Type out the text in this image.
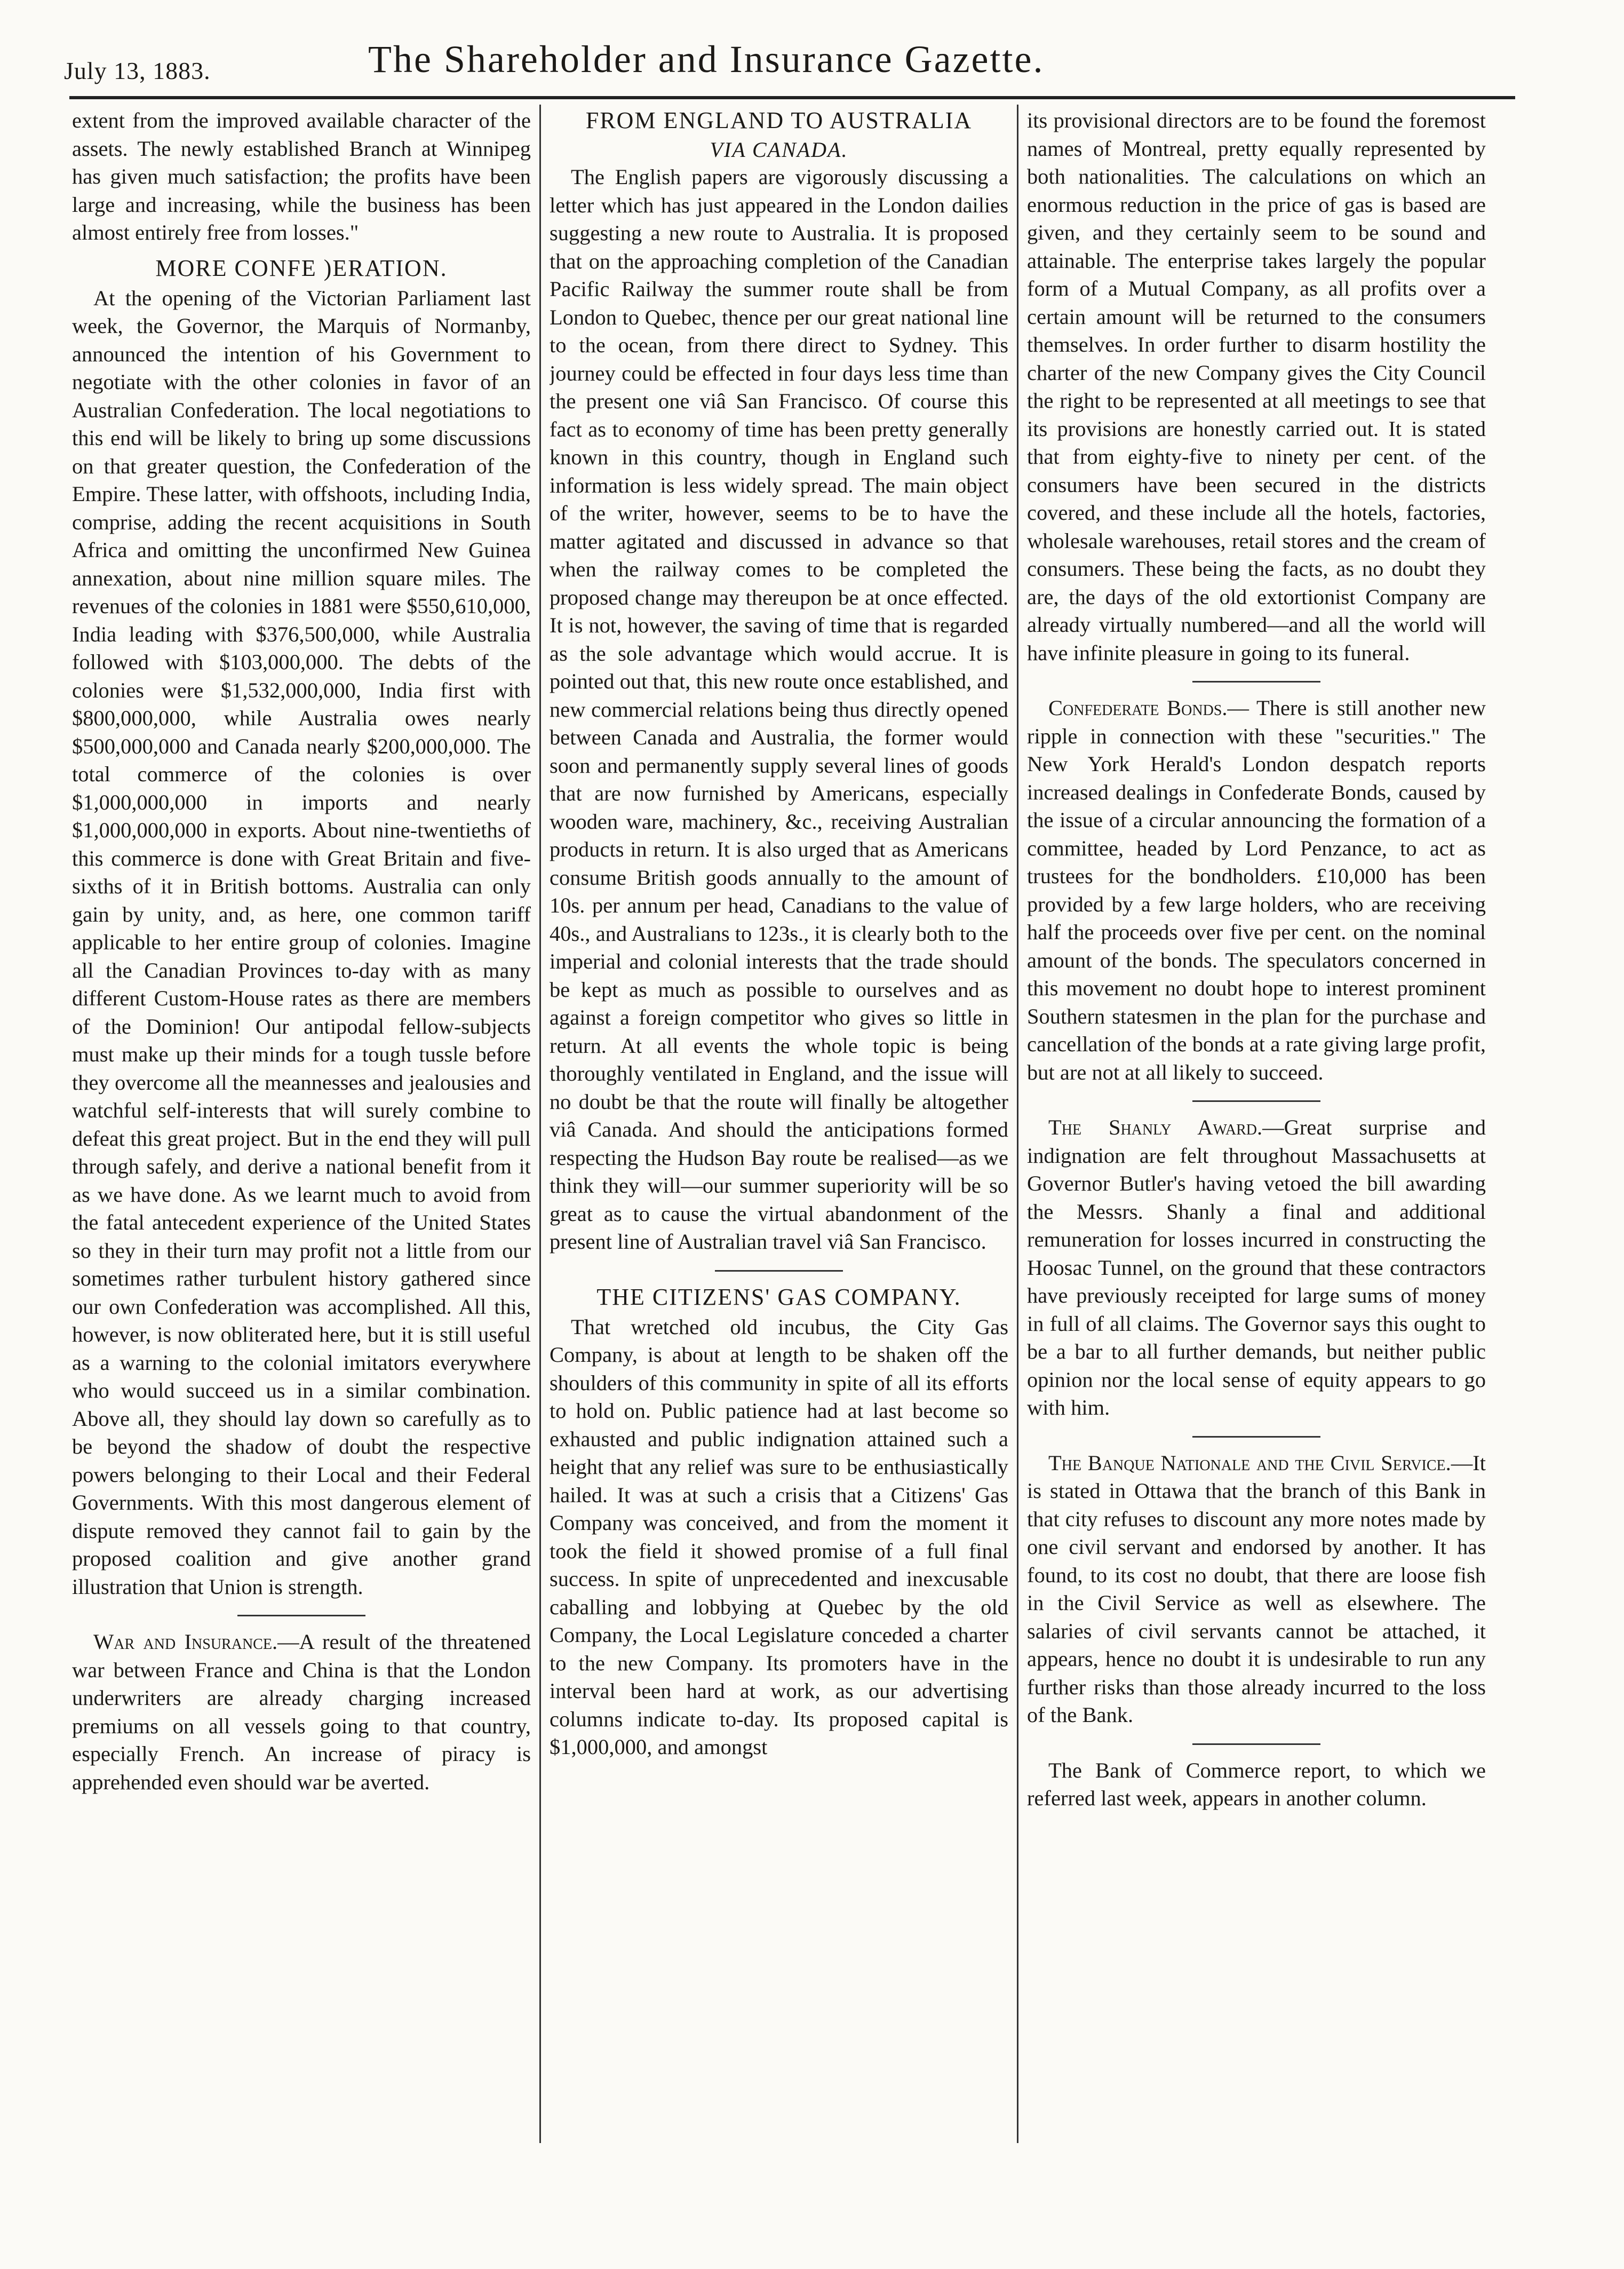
July 13, 1883.	The Shareholder and Insurance Gazette.

extent from the improved available character of the assets. The newly established Branch at Winnipeg has given much satisfaction; the profits have been large and increasing, while the business has been almost entirely free from losses."

MORE CONFE )ERATION.

At the opening of the Victorian Parliament last week, the Governor, the Marquis of Normanby, announced the intention of his Government to negotiate with the other colonies in favor of an Australian Confederation. The local negotiations to this end will be likely to bring up some discussions on that greater question, the Confederation of the Empire. These latter, with offshoots, including India, comprise, adding the recent acquisitions in South Africa and omitting the unconfirmed New Guinea annexation, about nine million square miles. The revenues of the colonies in 1881 were $550,610,000, India leading with $376,500,000, while Australia followed with $103,000,000. The debts of the colonies were $1,532,000,000, India first with $800,000,000, while Australia owes nearly $500,000,000 and Canada nearly $200,000,000. The total commerce of the colonies is over $1,000,000,000 in imports and nearly $1,000,000,000 in exports. About nine-twentieths of this commerce is done with Great Britain and five-sixths of it in British bottoms. Australia can only gain by unity, and, as here, one common tariff applicable to her entire group of colonies. Imagine all the Canadian Provinces to-day with as many different Custom-House rates as there are members of the Dominion! Our antipodal fellow-subjects must make up their minds for a tough tussle before they overcome all the meannesses and jealousies and watchful self-interests that will surely combine to defeat this great project. But in the end they will pull through safely, and derive a national benefit from it as we have done. As we learnt much to avoid from the fatal antecedent experience of the United States so they in their turn may profit not a little from our sometimes rather turbulent history gathered since our own Confederation was accomplished. All this, however, is now obliterated here, but it is still useful as a warning to the colonial imitators everywhere who would succeed us in a similar combination. Above all, they should lay down so carefully as to be beyond the shadow of doubt the respective powers belonging to their Local and their Federal Governments. With this most dangerous element of dispute removed they cannot fail to gain by the proposed coalition and give another grand illustration that Union is strength.

War and Insurance.—A result of the threatened war between France and China is that the London underwriters are already charging increased premiums on all vessels going to that country, especially French. An increase of piracy is apprehended even should war be averted.

FROM ENGLAND TO AUSTRALIA
VIA CANADA.

The English papers are vigorously discussing a letter which has just appeared in the London dailies suggesting a new route to Australia. It is proposed that on the approaching completion of the Canadian Pacific Railway the summer route shall be from London to Quebec, thence per our great national line to the ocean, from there direct to Sydney. This journey could be effected in four days less time than the present one viâ San Francisco. Of course this fact as to economy of time has been pretty generally known in this country, though in England such information is less widely spread. The main object of the writer, however, seems to be to have the matter agitated and discussed in advance so that when the railway comes to be completed the proposed change may thereupon be at once effected. It is not, however, the saving of time that is regarded as the sole advantage which would accrue. It is pointed out that, this new route once established, and new commercial relations being thus directly opened between Canada and Australia, the former would soon and permanently supply several lines of goods that are now furnished by Americans, especially wooden ware, machinery, &c., receiving Australian products in return. It is also urged that as Americans consume British goods annually to the amount of 10s. per annum per head, Canadians to the value of 40s., and Australians to 123s., it is clearly both to the imperial and colonial interests that the trade should be kept as much as possible to ourselves and as against a foreign competitor who gives so little in return. At all events the whole topic is being thoroughly ventilated in England, and the issue will no doubt be that the route will finally be altogether viâ Canada. And should the anticipations formed respecting the Hudson Bay route be realised—as we think they will—our summer superiority will be so great as to cause the virtual abandonment of the present line of Australian travel viâ San Francisco.

THE CITIZENS' GAS COMPANY.

That wretched old incubus, the City Gas Company, is about at length to be shaken off the shoulders of this community in spite of all its efforts to hold on. Public patience had at last become so exhausted and public indignation attained such a height that any relief was sure to be enthusiastically hailed. It was at such a crisis that a Citizens' Gas Company was conceived, and from the moment it took the field it showed promise of a full final success. In spite of unprecedented and inexcusable caballing and lobbying at Quebec by the old Company, the Local Legislature conceded a charter to the new Company. Its promoters have in the interval been hard at work, as our advertising columns indicate to-day. Its proposed capital is $1,000,000, and amongst

its provisional directors are to be found the foremost names of Montreal, pretty equally represented by both nationalities. The calculations on which an enormous reduction in the price of gas is based are given, and they certainly seem to be sound and attainable. The enterprise takes largely the popular form of a Mutual Company, as all profits over a certain amount will be returned to the consumers themselves. In order further to disarm hostility the charter of the new Company gives the City Council the right to be represented at all meetings to see that its provisions are honestly carried out. It is stated that from eighty-five to ninety per cent. of the consumers have been secured in the districts covered, and these include all the hotels, factories, wholesale warehouses, retail stores and the cream of consumers. These being the facts, as no doubt they are, the days of the old extortionist Company are already virtually numbered—and all the world will have infinite pleasure in going to its funeral.

Confederate Bonds.— There is still another new ripple in connection with these "securities." The New York Herald's London despatch reports increased dealings in Confederate Bonds, caused by the issue of a circular announcing the formation of a committee, headed by Lord Penzance, to act as trustees for the bondholders. £10,000 has been provided by a few large holders, who are receiving half the proceeds over five per cent. on the nominal amount of the bonds. The speculators concerned in this movement no doubt hope to interest prominent Southern statesmen in the plan for the purchase and cancellation of the bonds at a rate giving large profit, but are not at all likely to succeed.

The Shanly Award.—Great surprise and indignation are felt throughout Massachusetts at Governor Butler's having vetoed the bill awarding the Messrs. Shanly a final and additional remuneration for losses incurred in constructing the Hoosac Tunnel, on the ground that these contractors have previously receipted for large sums of money in full of all claims. The Governor says this ought to be a bar to all further demands, but neither public opinion nor the local sense of equity appears to go with him.

The Banque Nationale and the Civil Service.—It is stated in Ottawa that the branch of this Bank in that city refuses to discount any more notes made by one civil servant and endorsed by another. It has found, to its cost no doubt, that there are loose fish in the Civil Service as well as elsewhere. The salaries of civil servants cannot be attached, it appears, hence no doubt it is undesirable to run any further risks than those already incurred to the loss of the Bank.

The Bank of Commerce report, to which we referred last week, appears in another column.
